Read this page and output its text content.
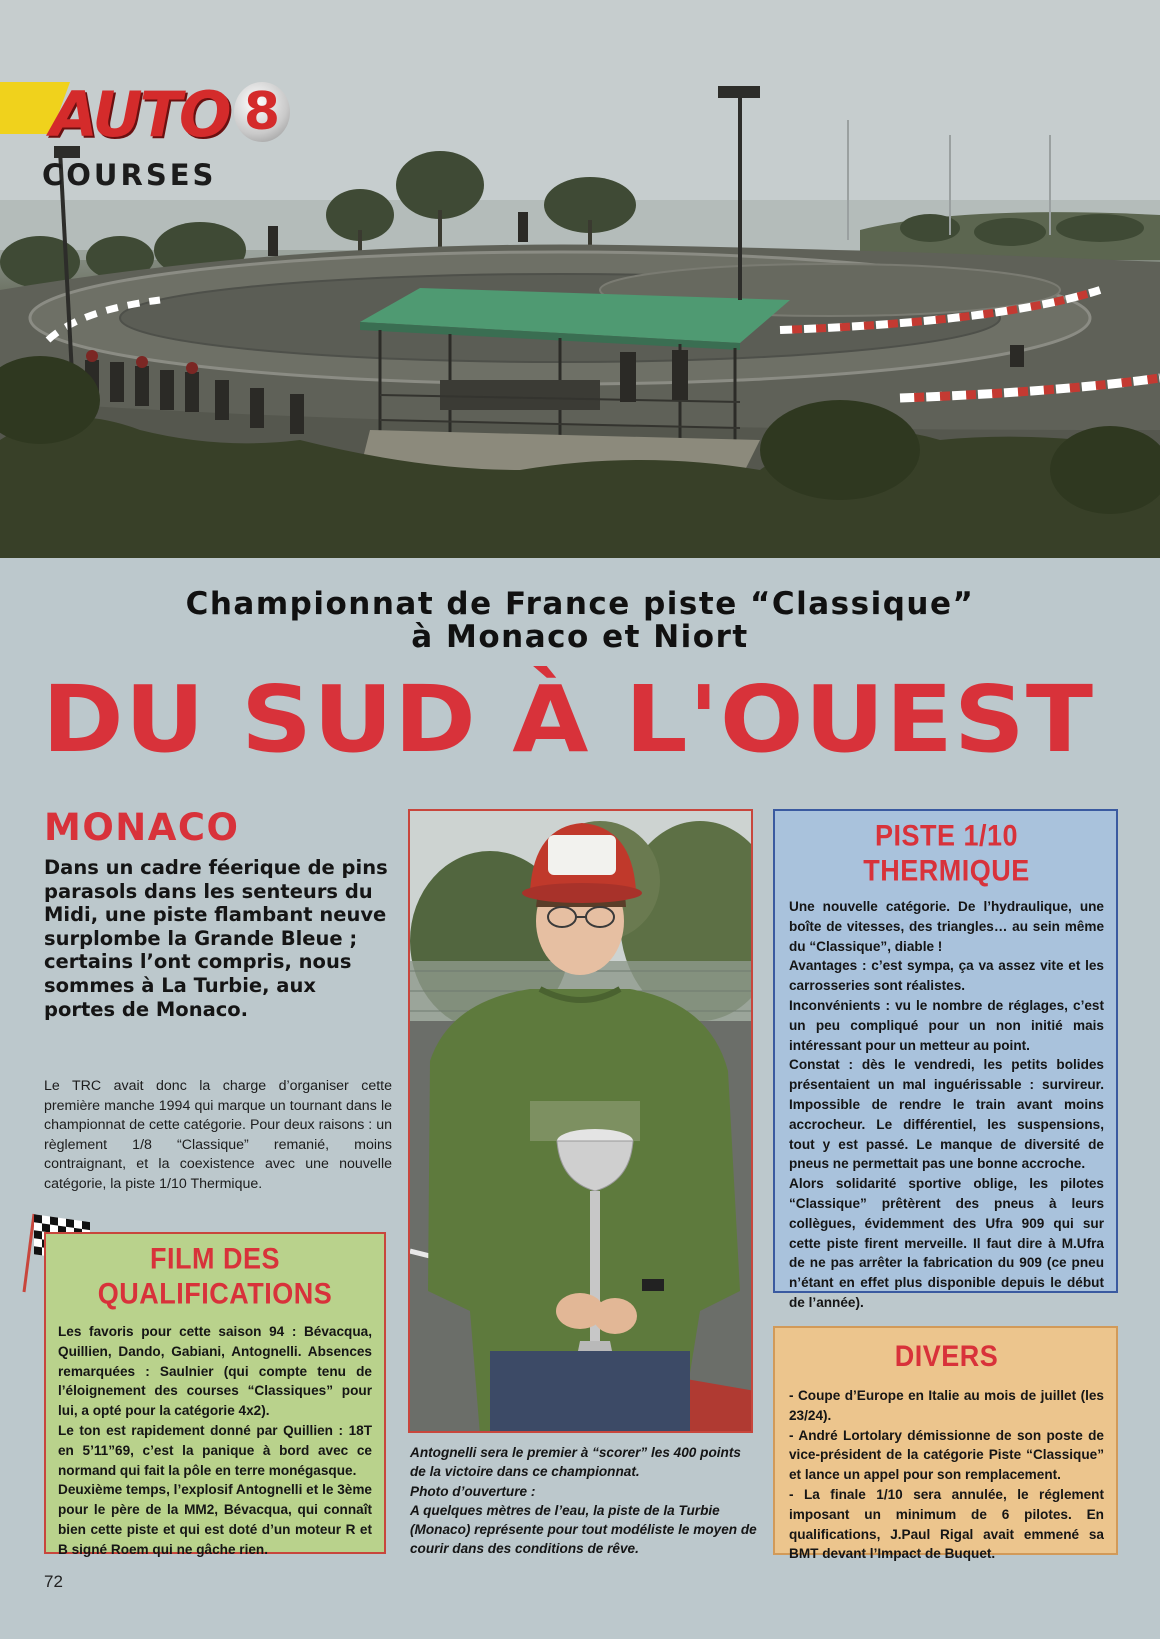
AUTO 8
COURSES
Championnat de France piste “Classique”
à Monaco et Niort
DU SUD À L'OUEST
MONACO

Dans un cadre féerique de pins parasols dans les senteurs du Midi, une piste flambant neuve surplombe la Grande Bleue ; certains l’ont compris, nous sommes à La Turbie, aux portes de Monaco.

Le TRC avait donc la charge d’organiser cette première manche 1994 qui marque un tournant dans le championnat de cette catégorie. Pour deux raisons : un règlement 1/8 “Classique” remanié, moins contraignant, et la coexistence avec une nouvelle catégorie, la piste 1/10 Thermique.

FILM DES
QUALIFICATIONS

Les favoris pour cette saison 94 : Bévacqua, Quillien, Dando, Gabiani, Antognelli. Absences remarquées : Saulnier (qui compte tenu de l’éloignement des courses “Classiques” pour lui, a opté pour la catégorie 4x2).

Le ton est rapidement donné par Quillien : 18T en 5’11”69, c’est la panique à bord avec ce normand qui fait la pôle en terre monégasque.

Deuxième temps, l’explosif Antognelli et le 3ème pour le père de la MM2, Bévacqua, qui connaît bien cette piste et qui est doté d’un moteur R et B signé Roem qui ne gâche rien.

Antognelli sera le premier à “scorer” les 400 points de la victoire dans ce championnat.
Photo d’ouverture :
A quelques mètres de l’eau, la piste de la Turbie (Monaco) représente pour tout modéliste le moyen de courir dans des conditions de rêve.
PISTE 1/10
THERMIQUE

Une nouvelle catégorie. De l’hydraulique, une boîte de vitesses, des triangles… au sein même du “Classique”, diable !

Avantages : c’est sympa, ça va assez vite et les carrosseries sont réalistes.

Inconvénients : vu le nombre de réglages, c’est un peu compliqué pour un non initié mais intéressant pour un metteur au point.

Constat : dès le vendredi, les petits bolides présentaient un mal inguérissable : survireur. Impossible de rendre le train avant moins accrocheur. Le différentiel, les suspensions, tout y est passé. Le manque de diversité de pneus ne permettait pas une bonne accroche.

Alors solidarité sportive oblige, les pilotes “Classique” prêtèrent des pneus à leurs collègues, évidemment des Ufra 909 qui sur cette piste firent merveille. Il faut dire à M.Ufra de ne pas arrêter la fabrication du 909 (ce pneu n’étant en effet plus disponible depuis le début de l’année).

DIVERS

- Coupe d’Europe en Italie au mois de juillet (les 23/24).

- André Lortolary démissionne de son poste de vice-président de la catégorie Piste “Classique” et lance un appel pour son remplacement.

- La finale 1/10 sera annulée, le réglement imposant un minimum de 6 pilotes. En qualifications, J.Paul Rigal avait emmené sa BMT devant l’Impact de Buquet.

72
